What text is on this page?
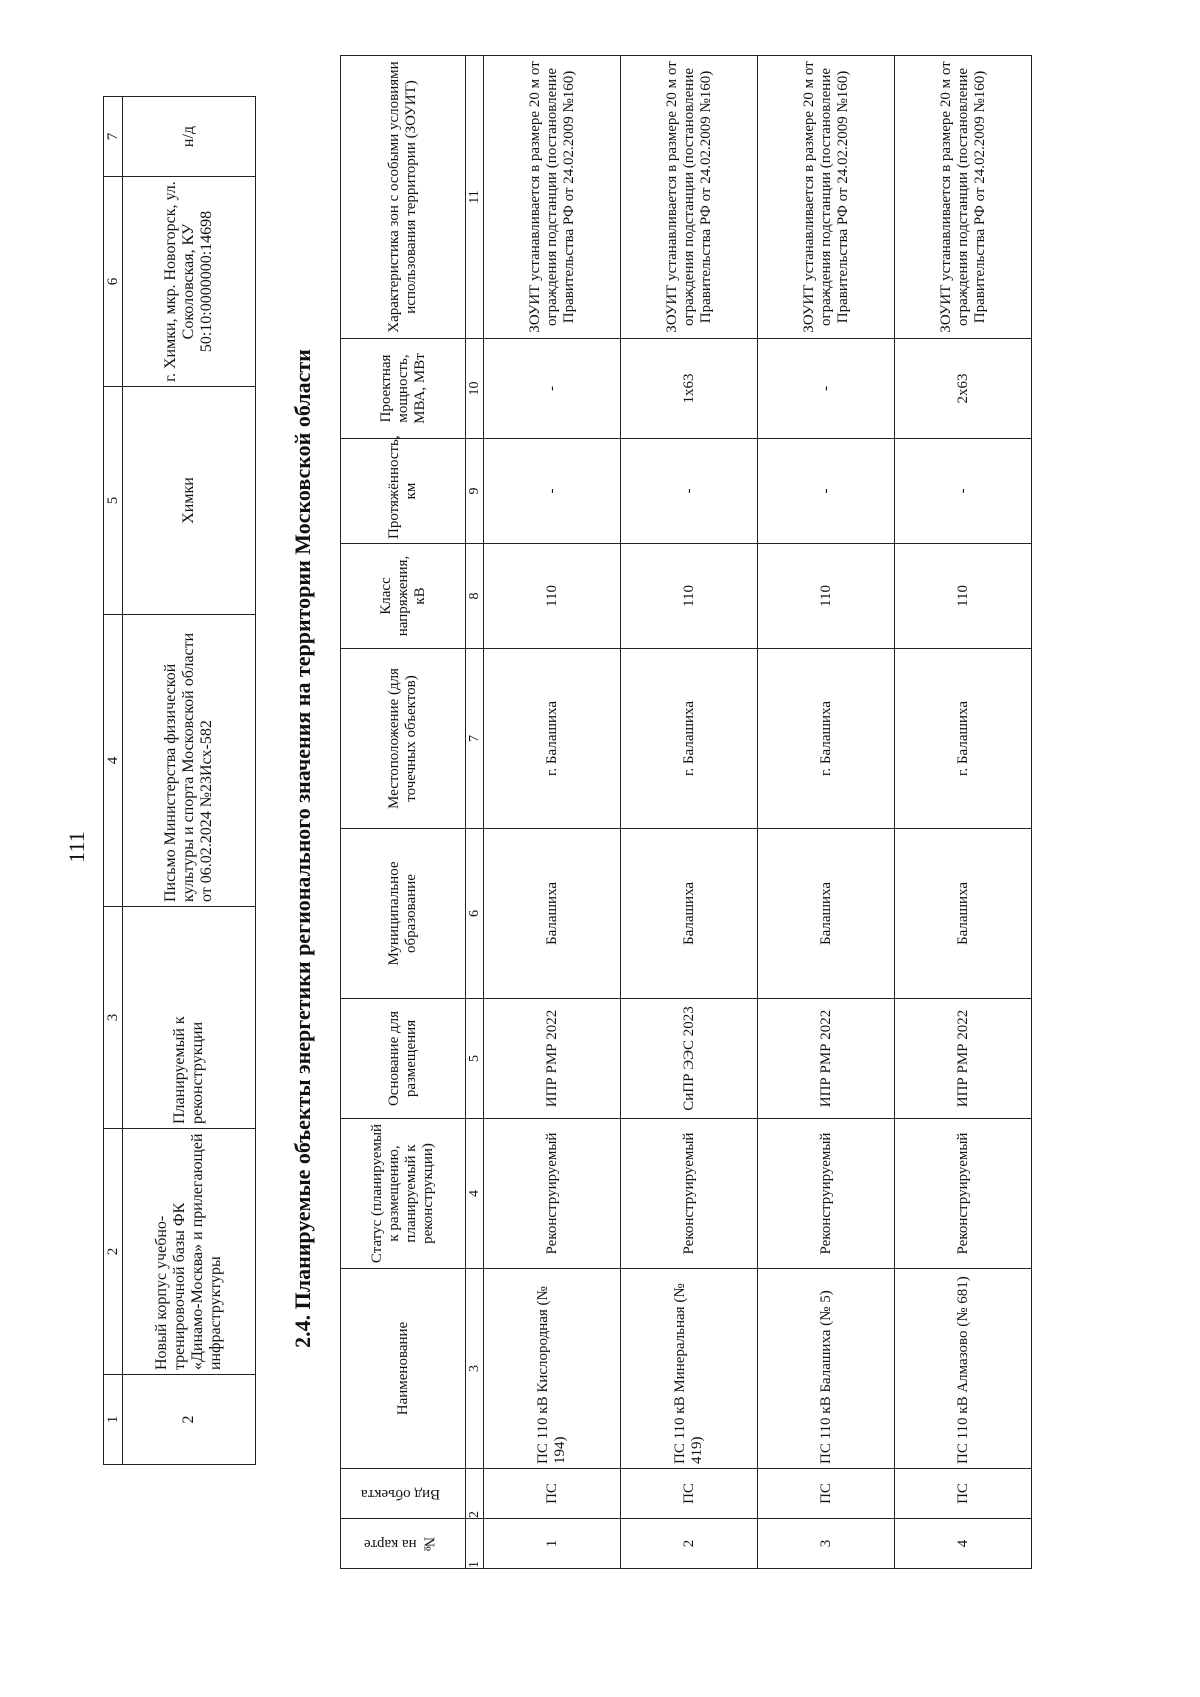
111
1	2	3	4	5	6	7
2	Новый корпус учебно-тренировочной базы ФК «Динамо-Москва» и прилегающей инфраструктуры	Планируемый к реконструкции	Письмо Министерства физической культуры и спорта Московской области от 06.02.2024 №23Исх-582	Химки	г. Химки, мкр. Новогорск, ул. Соколовская, КУ 50:10:0000000:14698	н/д
2.4. Планируемые объекты энергетики регионального значения на территории Московской области
№ на карте	Вид объекта	Наименование	Статус (планируемый к размещению, планируемый к реконструкции)	Основание для размещения	Муниципальное образование	Местоположение (для точечных объектов)	Класс напряжения, кВ	Протяжённость, км	Проектная мощность, МВА, МВт	Характеристика зон с особыми условиями использования территории (ЗОУИТ)
1	2	3	4	5	6	7	8	9	10	11
1	ПС	ПС 110 кВ Кислородная (№ 194)	Реконструируемый	ИПР РМР 2022	Балашиха	г. Балашиха	110	-	-	ЗОУИТ устанавливается в размере 20 м от ограждения подстанции (постановление Правительства РФ от 24.02.2009 №160)
2	ПС	ПС 110 кВ Минеральная (№ 419)	Реконструируемый	СиПР ЭЭС 2023	Балашиха	г. Балашиха	110	-	1х63	ЗОУИТ устанавливается в размере 20 м от ограждения подстанции (постановление Правительства РФ от 24.02.2009 №160)
3	ПС	ПС 110 кВ Балашиха (№ 5)	Реконструируемый	ИПР РМР 2022	Балашиха	г. Балашиха	110	-	-	ЗОУИТ устанавливается в размере 20 м от ограждения подстанции (постановление Правительства РФ от 24.02.2009 №160)
4	ПС	ПС 110 кВ Алмазово (№ 681)	Реконструируемый	ИПР РМР 2022	Балашиха	г. Балашиха	110	-	2х63	ЗОУИТ устанавливается в размере 20 м от ограждения подстанции (постановление Правительства РФ от 24.02.2009 №160)
